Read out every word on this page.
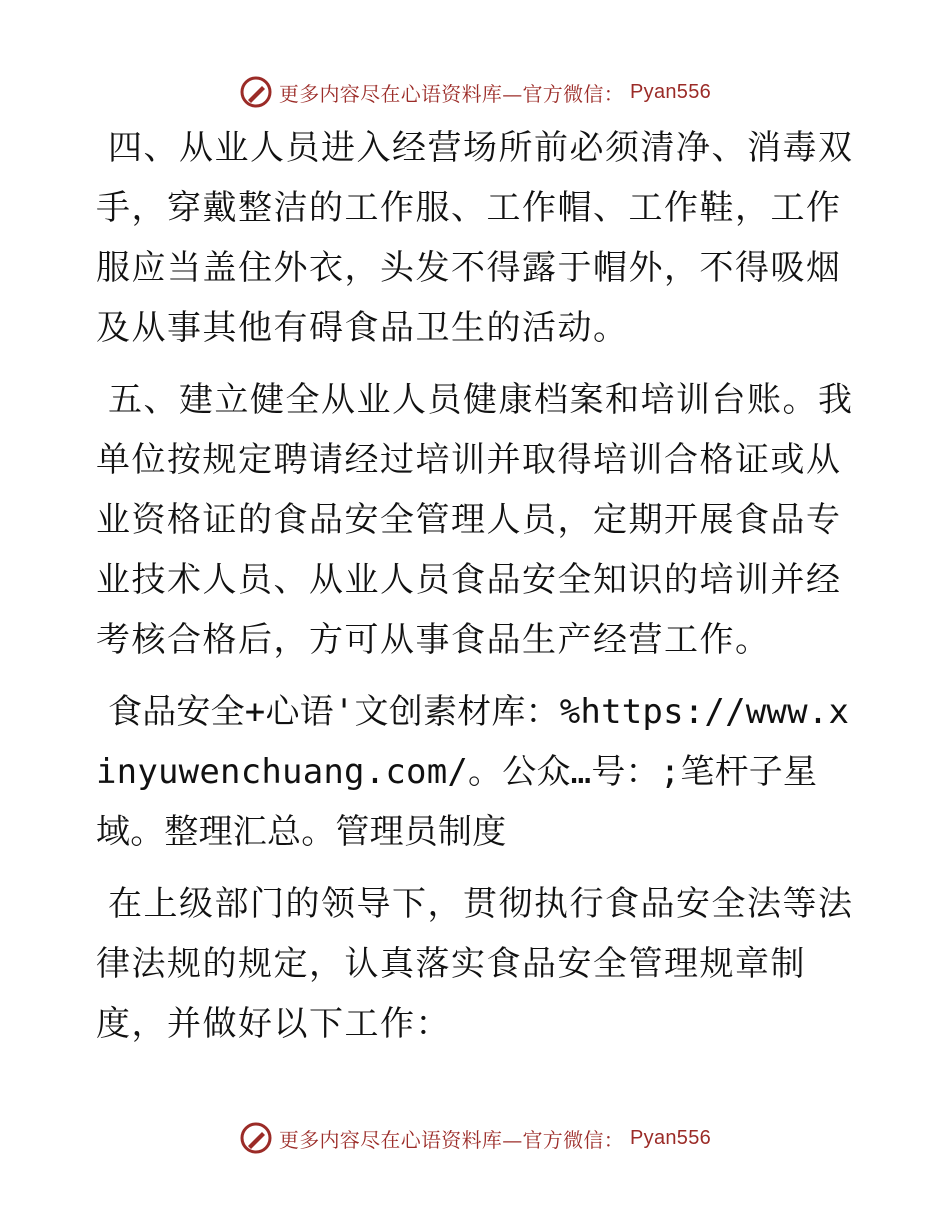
更多内容尽在心语资料库—官方微信： Pyan556

四、从业人员进入经营场所前必须清净、消毒双手，穿戴整洁的工作服、工作帽、工作鞋，工作服应当盖住外衣，头发不得露于帽外，不得吸烟及从事其他有碍食品卫生的活动。

五、建立健全从业人员健康档案和培训台账。我单位按规定聘请经过培训并取得培训合格证或从业资格证的食品安全管理人员，定期开展食品专业技术人员、从业人员食品安全知识的培训并经考核合格后，方可从事食品生产经营工作。

食品安全+心语'文创素材库：%https://www.xinyuwenchuang.com/。公众…号：;笔杆子星域。整理汇总。管理员制度

在上级部门的领导下，贯彻执行食品安全法等法律法规的规定，认真落实食品安全管理规章制度，并做好以下工作：

更多内容尽在心语资料库—官方微信： Pyan556
